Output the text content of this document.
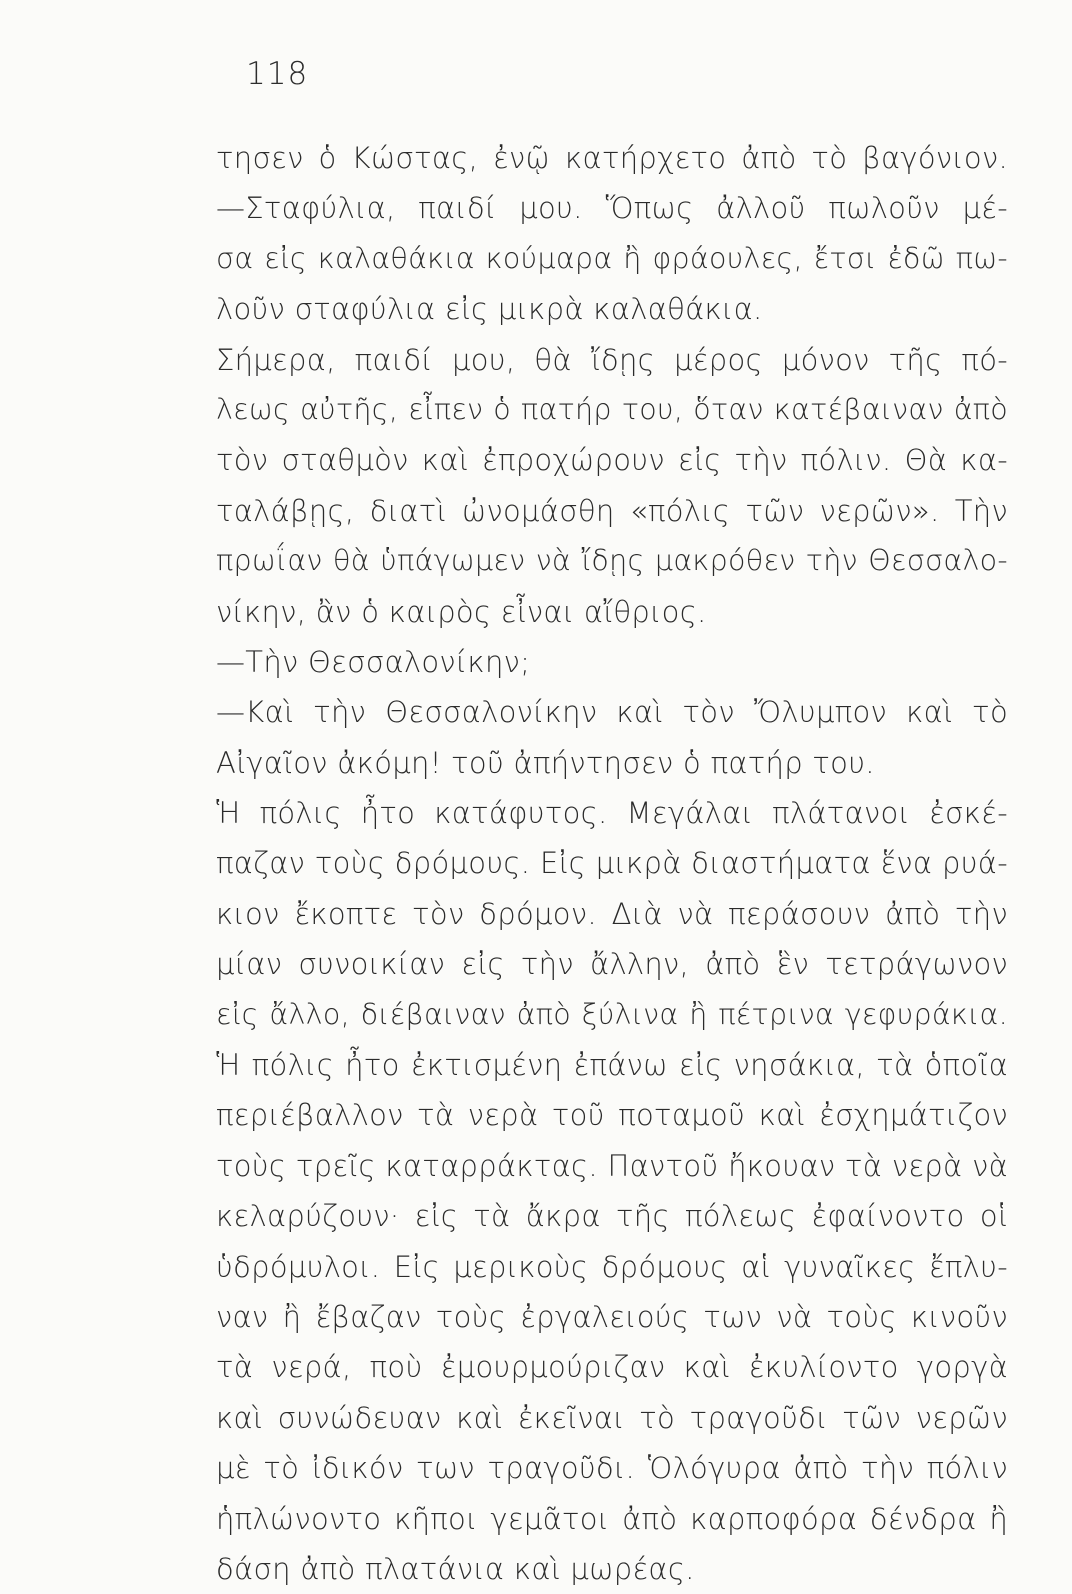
118
τησεν ὁ Κώστας, ἐνῷ κατήρχετο ἀπὸ τὸ βαγόνιον.
—Σταφύλια, παιδί μου. Ὅπως ἀλλοῦ πωλοῦν μέ-
σα εἰς καλαθάκια κούμαρα ἢ φράουλες, ἔτσι ἐδῶ πω-
λοῦν σταφύλια εἰς μικρὰ καλαθάκια.
Σήμερα, παιδί μου, θὰ ἴδῃς μέρος μόνον τῆς πό-
λεως αὐτῆς, εἶπεν ὁ πατήρ του, ὅταν κατέβαιναν ἀπὸ
τὸν σταθμὸν καὶ ἐπροχώρουν εἰς τὴν πόλιν. Θὰ κα-
ταλάβῃς, διατὶ ὠνομάσθη «πόλις τῶν νερῶν». Τὴν
πρωΐαν θὰ ὑπάγωμεν νὰ ἴδῃς μακρόθεν τὴν Θεσσαλο-
νίκην, ἂν ὁ καιρὸς εἶναι αἴθριος.
—Τὴν Θεσσαλονίκην;
—Καὶ τὴν Θεσσαλονίκην καὶ τὸν Ὄλυμπον καὶ τὸ
Αἰγαῖον ἀκόμη! τοῦ ἀπήντησεν ὁ πατήρ του.
Ἡ πόλις ἦτο κατάφυτος. Μεγάλαι πλάτανοι ἐσκέ-
παζαν τοὺς δρόμους. Εἰς μικρὰ διαστήματα ἕνα ρυά-
κιον ἔκοπτε τὸν δρόμον. Διὰ νὰ περάσουν ἀπὸ τὴν
μίαν συνοικίαν εἰς τὴν ἄλλην, ἀπὸ ἓν τετράγωνον
εἰς ἄλλο, διέβαιναν ἀπὸ ξύλινα ἢ πέτρινα γεφυράκια.
Ἡ πόλις ἦτο ἐκτισμένη ἐπάνω εἰς νησάκια, τὰ ὁποῖα
περιέβαλλον τὰ νερὰ τοῦ ποταμοῦ καὶ ἐσχημάτιζον
τοὺς τρεῖς καταρράκτας. Παντοῦ ἤκουαν τὰ νερὰ νὰ
κελαρύζουν· εἰς τὰ ἄκρα τῆς πόλεως ἐφαίνοντο οἱ
ὑδρόμυλοι. Εἰς μερικοὺς δρόμους αἱ γυναῖκες ἔπλυ-
ναν ἢ ἔβαζαν τοὺς ἐργαλειούς των νὰ τοὺς κινοῦν
τὰ νερά, ποὺ ἐμουρμούριζαν καὶ ἐκυλίοντο γοργὰ
καὶ συνώδευαν καὶ ἐκεῖναι τὸ τραγοῦδι τῶν νερῶν
μὲ τὸ ἰδικόν των τραγοῦδι. Ὁλόγυρα ἀπὸ τὴν πόλιν
ἡπλώνοντο κῆποι γεμᾶτοι ἀπὸ καρποφόρα δένδρα ἢ
δάση ἀπὸ πλατάνια καὶ μωρέας.
